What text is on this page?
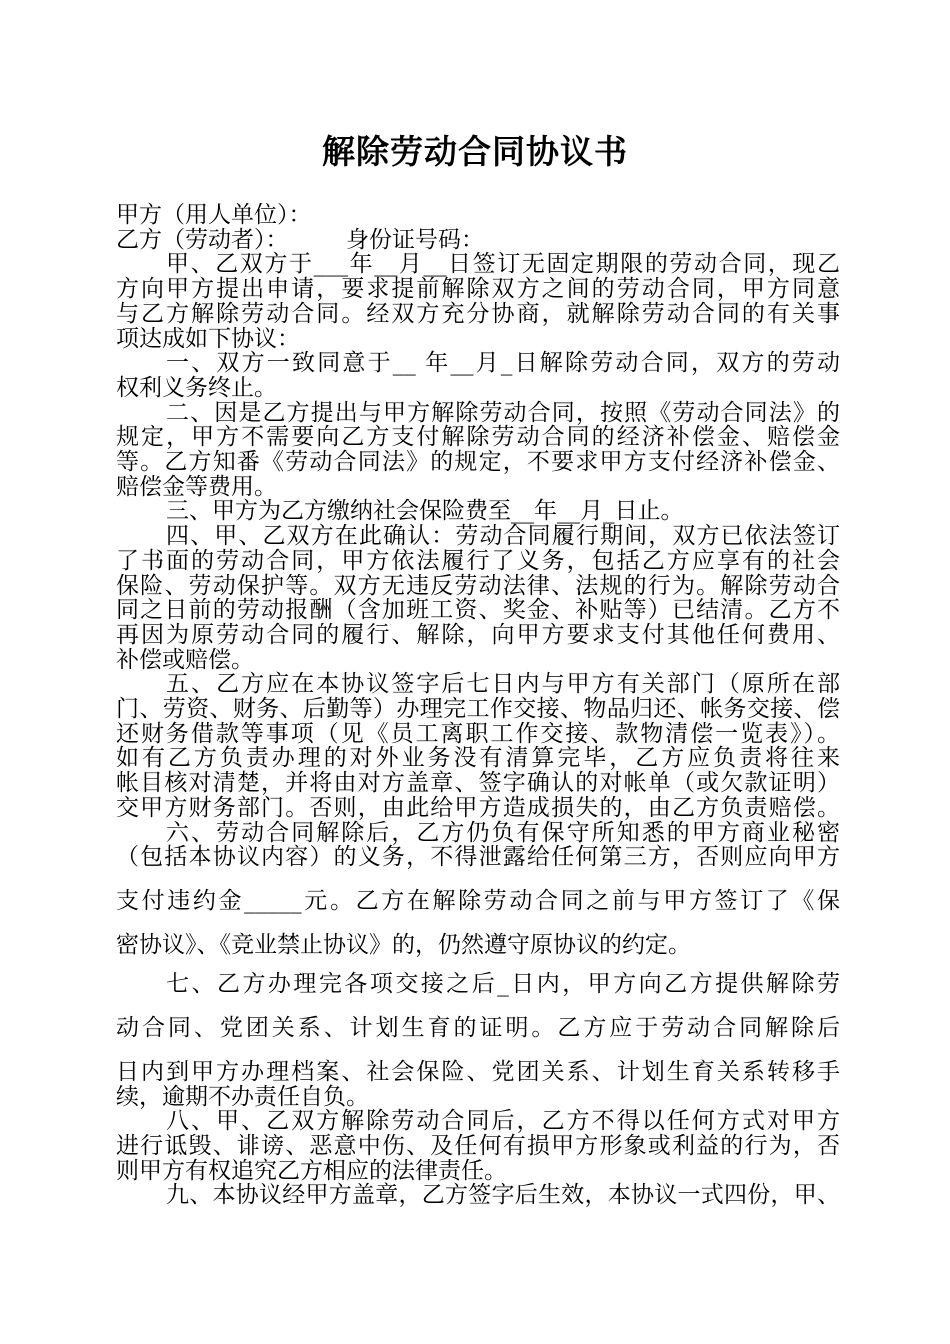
解除劳动合同协议书
甲方（用人单位）：
乙方（劳动者）：　　　身份证号码：
甲、乙双方于___年__月__日签订无固定期限的劳动合同，现乙
方向甲方提出申请，要求提前解除双方之间的劳动合同，甲方同意
与乙方解除劳动合同。经双方充分协商，就解除劳动合同的有关事
项达成如下协议：
一、双方一致同意于__ 年__月_日解除劳动合同，双方的劳动
权利义务终止。
二、因是乙方提出与甲方解除劳动合同，按照《劳动合同法》的
规定，甲方不需要向乙方支付解除劳动合同的经济补偿金、赔偿金
等。乙方知番《劳动合同法》的规定，不要求甲方支付经济补偿金、
赔偿金等费用。
三、甲方为乙方缴纳社会保险费至__年__月_日止。
四、甲、乙双方在此确认：劳动合同履行期间，双方已依法签订
了书面的劳动合同，甲方依法履行了义务，包括乙方应享有的社会
保险、劳动保护等。双方无违反劳动法律、法规的行为。解除劳动合
同之日前的劳动报酬（含加班工资、奖金、补贴等）已结清。乙方不
再因为原劳动合同的履行、解除，向甲方要求支付其他任何费用、
补偿或赔偿。
五、乙方应在本协议签字后七日内与甲方有关部门（原所在部
门、劳资、财务、后勤等）办理完工作交接、物品归还、帐务交接、偿
还财务借款等事项（见《员工离职工作交接、款物清偿一览表》）。
如有乙方负责办理的对外业务没有清算完毕，乙方应负责将往来
帐目核对清楚，并将由对方盖章、签字确认的对帐单（或欠款证明）
交甲方财务部门。否则，由此给甲方造成损失的，由乙方负责赔偿。
六、劳动合同解除后，乙方仍负有保守所知悉的甲方商业秘密
（包括本协议内容）的义务，不得泄露给任何第三方，否则应向甲方
支付违约金_____元。乙方在解除劳动合同之前与甲方签订了《保
密协议》、《竞业禁止协议》的，仍然遵守原协议的约定。
七、乙方办理完各项交接之后_日内，甲方向乙方提供解除劳
动合同、党团关系、计划生育的证明。乙方应于劳动合同解除后
日内到甲方办理档案、社会保险、党团关系、计划生育关系转移手
续，逾期不办责任自负。
八、甲、乙双方解除劳动合同后，乙方不得以任何方式对甲方
进行诋毁、诽谤、恶意中伤、及任何有损甲方形象或利益的行为，否
则甲方有权追究乙方相应的法律责任。
九、本协议经甲方盖章，乙方签字后生效，本协议一式四份，甲、
